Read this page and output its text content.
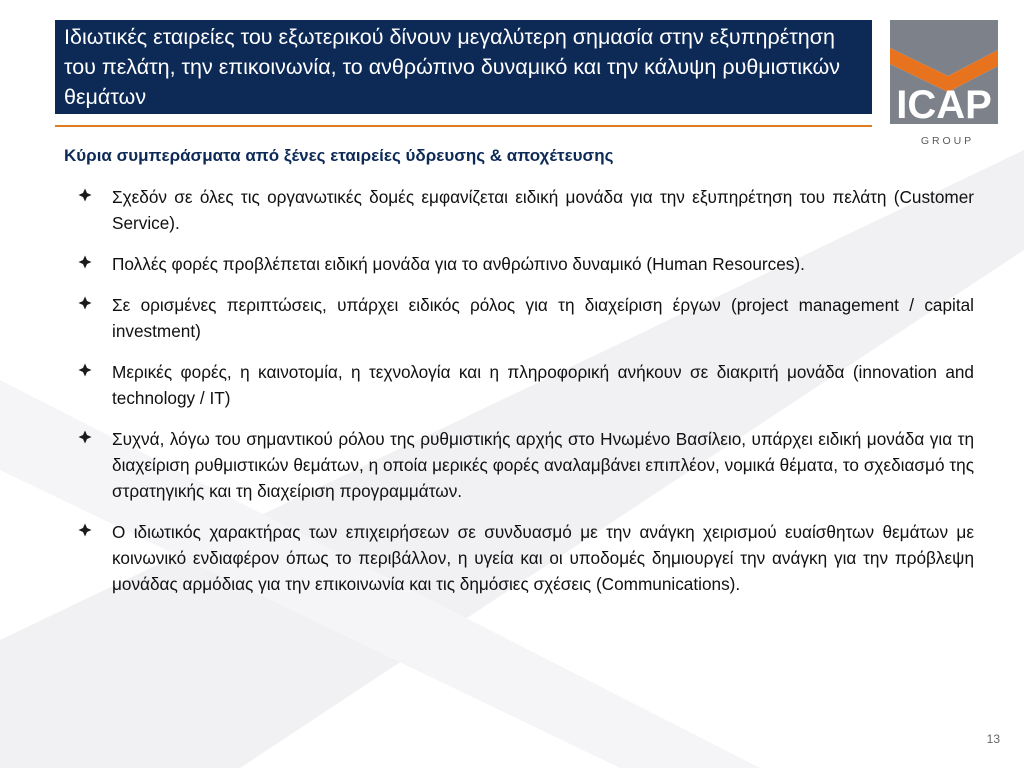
Ιδιωτικές εταιρείες του εξωτερικού δίνουν μεγαλύτερη σημασία στην εξυπηρέτηση του πελάτη, την επικοινωνία, το ανθρώπινο δυναμικό και την κάλυψη ρυθμιστικών θεμάτων	ICAP
G R O U P
Κύρια συμπεράσματα από ξένες εταιρείες ύδρευσης & αποχέτευσης
Σχεδόν σε όλες τις οργανωτικές δομές εμφανίζεται ειδική μονάδα για την εξυπηρέτηση του πελάτη (Customer Service).
Πολλές φορές προβλέπεται ειδική μονάδα για το ανθρώπινο δυναμικό (Human Resources).
Σε ορισμένες περιπτώσεις, υπάρχει ειδικός ρόλος για τη διαχείριση έργων (project management / capital investment)
Μερικές φορές, η καινοτομία, η τεχνολογία και η πληροφορική ανήκουν σε διακριτή μονάδα (innovation and technology / IT)
Συχνά, λόγω του σημαντικού ρόλου της ρυθμιστικής αρχής στο Ηνωμένο Βασίλειο, υπάρχει ειδική μονάδα για τη διαχείριση ρυθμιστικών θεμάτων, η οποία μερικές φορές αναλαμβάνει επιπλέον, νομικά θέματα, το σχεδιασμό της στρατηγικής και τη διαχείριση προγραμμάτων.
Ο ιδιωτικός χαρακτήρας των επιχειρήσεων σε συνδυασμό με την ανάγκη χειρισμού ευαίσθητων θεμάτων με κοινωνικό ενδιαφέρον όπως το περιβάλλον, η υγεία και οι υποδομές δημιουργεί την ανάγκη για την πρόβλεψη μονάδας αρμόδιας για την επικοινωνία και τις δημόσιες σχέσεις (Communications).
13
